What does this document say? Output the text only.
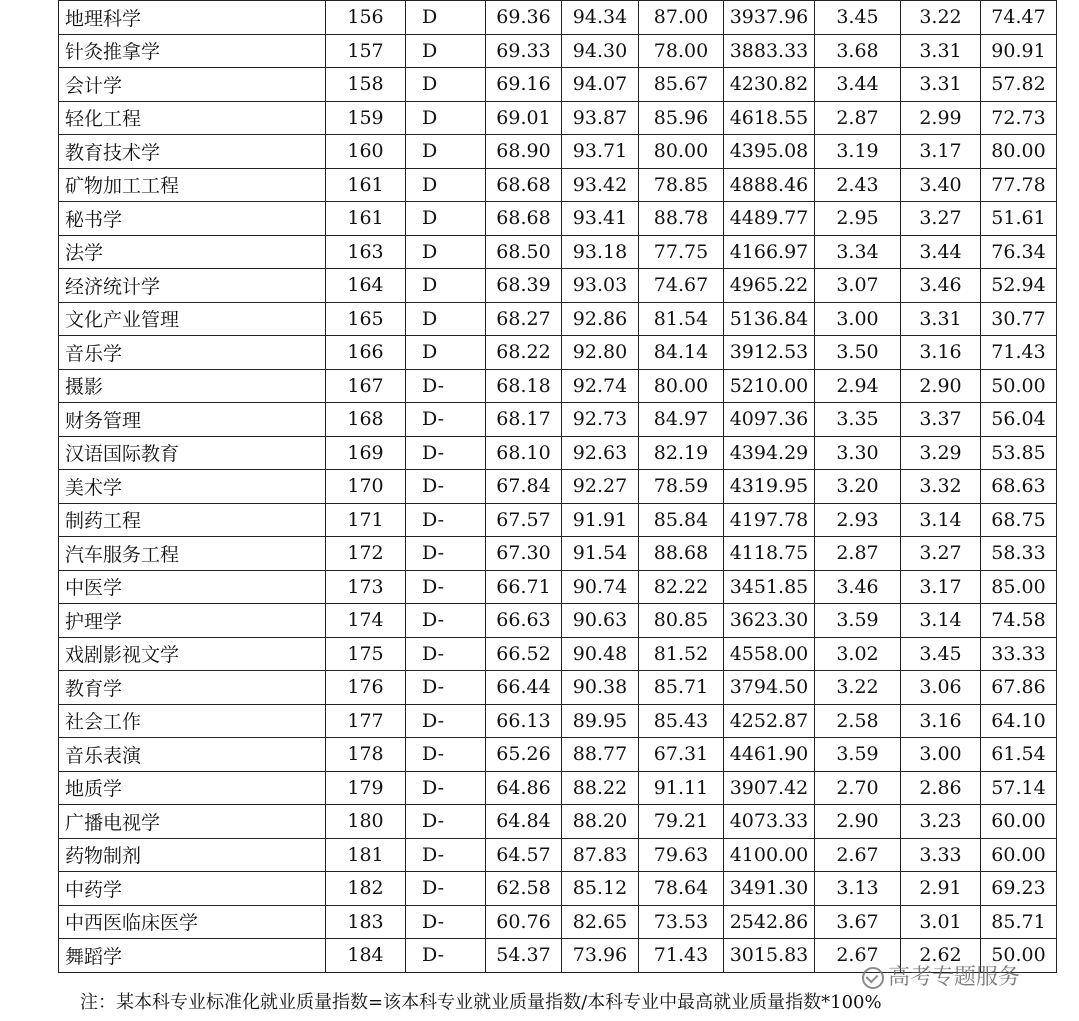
地理科学	156	D	69.36	94.34	87.00	3937.96	3.45	3.22	74.47
针灸推拿学	157	D	69.33	94.30	78.00	3883.33	3.68	3.31	90.91
会计学	158	D	69.16	94.07	85.67	4230.82	3.44	3.31	57.82
轻化工程	159	D	69.01	93.87	85.96	4618.55	2.87	2.99	72.73
教育技术学	160	D	68.90	93.71	80.00	4395.08	3.19	3.17	80.00
矿物加工工程	161	D	68.68	93.42	78.85	4888.46	2.43	3.40	77.78
秘书学	161	D	68.68	93.41	88.78	4489.77	2.95	3.27	51.61
法学	163	D	68.50	93.18	77.75	4166.97	3.34	3.44	76.34
经济统计学	164	D	68.39	93.03	74.67	4965.22	3.07	3.46	52.94
文化产业管理	165	D	68.27	92.86	81.54	5136.84	3.00	3.31	30.77
音乐学	166	D	68.22	92.80	84.14	3912.53	3.50	3.16	71.43
摄影	167	D-	68.18	92.74	80.00	5210.00	2.94	2.90	50.00
财务管理	168	D-	68.17	92.73	84.97	4097.36	3.35	3.37	56.04
汉语国际教育	169	D-	68.10	92.63	82.19	4394.29	3.30	3.29	53.85
美术学	170	D-	67.84	92.27	78.59	4319.95	3.20	3.32	68.63
制药工程	171	D-	67.57	91.91	85.84	4197.78	2.93	3.14	68.75
汽车服务工程	172	D-	67.30	91.54	88.68	4118.75	2.87	3.27	58.33
中医学	173	D-	66.71	90.74	82.22	3451.85	3.46	3.17	85.00
护理学	174	D-	66.63	90.63	80.85	3623.30	3.59	3.14	74.58
戏剧影视文学	175	D-	66.52	90.48	81.52	4558.00	3.02	3.45	33.33
教育学	176	D-	66.44	90.38	85.71	3794.50	3.22	3.06	67.86
社会工作	177	D-	66.13	89.95	85.43	4252.87	2.58	3.16	64.10
音乐表演	178	D-	65.26	88.77	67.31	4461.90	3.59	3.00	61.54
地质学	179	D-	64.86	88.22	91.11	3907.42	2.70	2.86	57.14
广播电视学	180	D-	64.84	88.20	79.21	4073.33	2.90	3.23	60.00
药物制剂	181	D-	64.57	87.83	79.63	4100.00	2.67	3.33	60.00
中药学	182	D-	62.58	85.12	78.64	3491.30	3.13	2.91	69.23
中西医临床医学	183	D-	60.76	82.65	73.53	2542.86	3.67	3.01	85.71
舞蹈学	184	D-	54.37	73.96	71.43	3015.83	2.67	2.62	50.00
高考专题服务
注：某本科专业标准化就业质量指数=该本科专业就业质量指数/本科专业中最高就业质量指数*100%
